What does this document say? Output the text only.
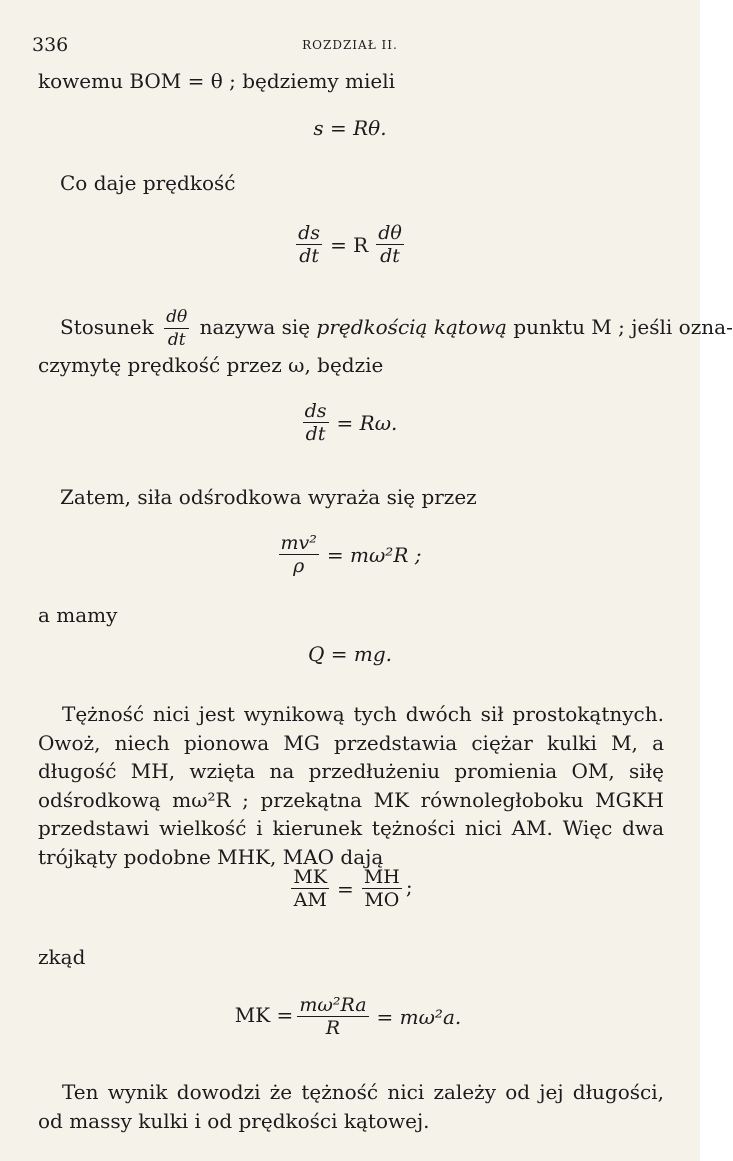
336	ROZDZIAŁ II.
kowemu BOM = θ ; będziemy mieli
s = Rθ.
Co daje prędkość
$\frac{ds}{dt} = R \frac{d\theta}{dt}$
Stosunek $\frac{d\theta}{dt}$ nazywa się prędkością kątową punktu M ; jeśli ozna-
czymytę prędkość przez ω, będzie
$\frac{ds}{dt} = R\omega$.
Zatem, siła odśrodkowa wyraża się przez
$\frac{\text{mv²}}{\rho} = m\omega^2R$ ;
a mamy
Q = mg.
Tężność nici jest wynikową tych dwóch sił prostokątnych. Owoż, niech pionowa MG przedstawia ciężar kulki M, a długość MH, wzięta na przedłużeniu promienia OM, siłę odśrodkową mω²R ; przekątna MK równoległoboku MGKH przedstawi wielkość i kierunek tężności nici AM. Więc dwa trójkąty podobne MHK, MAO dają
$\frac{MK}{AM} = \frac{MH}{MO}$ ;
zkąd
MK = $\frac{\text{mω²Ra}}{R} = m\omega^2a$.
Ten wynik dowodzi że tężność nici zależy od jej długości, od massy kulki i od prędkości kątowej.
